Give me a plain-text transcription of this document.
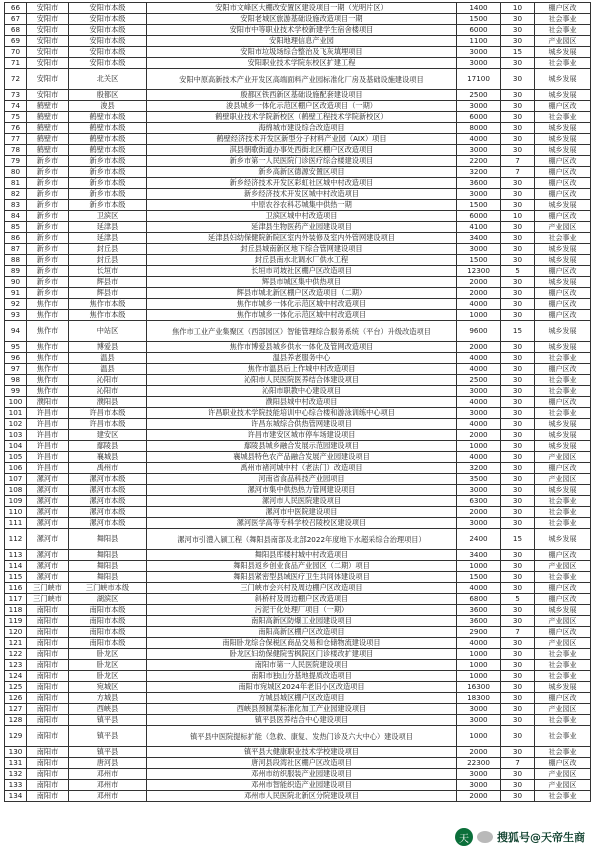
66	安阳市	安阳市本级	安阳市文峰区大棚改安置区建设项目一期（光明片区）	1400	10	棚户区改
67	安阳市	安阳市本级	安阳老城区旅游基础设施改造项目一期	1500	30	社会事业
68	安阳市	安阳市本级	安阳市中等职业技术学校新建学生宿舍楼项目	6000	30	社会事业
69	安阳市	安阳市本级	安阳地理信息产业园	1100	30	产业园区
70	安阳市	安阳市本级	安阳市垃圾场综合整治及飞灰填埋项目	3000	15	城乡发展
71	安阳市	安阳市本级	安阳职业技术学院东校区扩建工程	3000	30	社会事业
72	安阳市	北关区	安阳中原高新技术产业开发区高端面料产业园标准化厂房及基础设施建设项目	17100	30	城乡发展
73	安阳市	殷都区	殷都区铁西新区基础设施配套建设项目	2500	30	城乡发展
74	鹤壁市	浚县	浚县城乡一体化示范区棚户区改造项目（一期）	3000	30	棚户区改
75	鹤壁市	鹤壁市本级	鹤壁职业技术学院新校区（鹤壁工程技术学院新校区）	6000	30	社会事业
76	鹤壁市	鹤壁市本级	海绵城市建设综合改造项目	8000	30	城乡发展
77	鹤壁市	鹤壁市本级	鹤壁经济技术开发区新型分子材料产业园（AIX）项目	4000	30	城乡发展
78	鹤壁市	鹤壁市本级	淇县朝歌街道办事处西街北区棚户区改造项目	3000	30	城乡发展
79	新乡市	新乡市本级	新乡市第一人民医院门诊医疗综合楼建设项目	2200	7	棚户区改
80	新乡市	新乡市本级	新乡高新区德源安置区项目	3200	7	棚户区改
81	新乡市	新乡市本级	新乡经济技术开发区彩虹社区城中村改造项目	3600	30	棚户区改
82	新乡市	新乡市本级	新乡经济技术开发区城中村改造项目	3000	30	棚户区改
83	新乡市	新乡市本级	中原农谷农科芯城集中供热一期	1500	30	城乡发展
84	新乡市	卫滨区	卫滨区城中村改造项目	6000	10	棚户区改
85	新乡市	延津县	延津县生物医药产业园建设项目	4100	30	产业园区
86	新乡市	延津县	延津县妇幼保健院新院区室内外装修及室内外管网建设项目	3400	30	社会事业
87	新乡市	封丘县	封丘县城南新区地下综合管网建设项目	3000	30	城乡发展
88	新乡市	封丘县	封丘县南水北调水厂供水工程	1500	30	城乡发展
89	新乡市	长垣市	长垣市司坡社区棚户区改造项目	12300	5	棚户区改
90	新乡市	辉县市	辉县市城区集中供热项目	2000	30	城乡发展
91	新乡市	辉县市	辉县市城北新区棚户区改造项目（二期）	2000	30	棚户区改
92	焦作市	焦作市本级	焦作市城乡一体化示范区城中村改造项目	4000	30	棚户区改
93	焦作市	焦作市本级	焦作市城乡一体化示范区城中村改造项目	1000	30	棚户区改
94	焦作市	中站区	焦作市工业产业集聚区（西部园区）智能管理综合服务系统（平台）升级改造项目	9600	15	城乡发展
95	焦作市	博爱县	焦作市博爱县城乡供水一体化及管网改造项目	2000	30	城乡发展
96	焦作市	温县	温县养老服务中心	4000	30	社会事业
97	焦作市	温县	焦作市温县后上作城中村改造项目	4000	30	棚户区改
98	焦作市	沁阳市	沁阳市人民医院医养结合体建设项目	2500	30	社会事业
99	焦作市	沁阳市	沁阳市职教中心建设项目	3000	30	社会事业
100	濮阳市	濮阳县	濮阳县城中村改造项目	4000	30	棚户区改
101	许昌市	许昌市本级	许昌职业技术学院技能培训中心综合楼和游泳训练中心项目	3000	30	社会事业
102	许昌市	许昌市本级	许昌东城综合供热管网建设项目	4000	30	城乡发展
103	许昌市	建安区	许昌市建安区城市停车场建设项目	2000	30	城乡发展
104	许昌市	鄢陵县	鄢陵县城乡融合发展示范园建设项目	1000	30	城乡发展
105	许昌市	襄城县	襄城县特色农产品融合发展产业园建设项目	4000	30	产业园区
106	许昌市	禹州市	禹州市褚河城中村（老法门）改造项目	3200	30	棚户区改
107	漯河市	漯河市本级	河南省食品科技产业园项目	3500	30	产业园区
108	漯河市	漯河市本级	漯河市集中供热热力管网建设项目	3000	30	城乡发展
109	漯河市	漯河市本级	漯河市人民医院建设项目	6300	30	社会事业
110	漯河市	漯河市本级	漯河市中医院建设项目	2000	30	社会事业
111	漯河市	漯河市本级	漯河医学高等专科学校召陵校区建设项目	3000	30	社会事业
112	漯河市	舞阳县	漯河市引澧入颍工程（舞阳县南部及北部2022年度地下水超采综合治理项目）	2400	15	城乡发展
113	漯河市	舞阳县	舞阳县库楼村城中村改造项目	3400	30	棚户区改
114	漯河市	舞阳县	舞阳县返乡创业食品产业园区（二期）项目	1000	30	产业园区
115	漯河市	舞阳县	舞阳县紧密型县域医疗卫生共同体建设项目	1500	30	社会事业
116	三门峡市	三门峡市本级	三门峡市会兴村及周边棚户区改造项目	4000	30	棚户区改
117	三门峡市	湖滨区	斜桥村及周边棚户区改造项目	6800	5	棚户区改
118	南阳市	南阳市本级	污泥干化处理厂项目（一期）	3600	30	城乡发展
119	南阳市	南阳市本级	南阳高新区防爆工业园建设项目	3600	30	产业园区
120	南阳市	南阳市本级	南阳高新区棚户区改造项目	2900	7	棚户区改
121	南阳市	南阳市本级	南阳卧龙综合保税区商品交易和仓储物流建设项目	4000	30	产业园区
122	南阳市	卧龙区	卧龙区妇幼保健院雪枫院区门诊楼改扩建项目	1000	30	社会事业
123	南阳市	卧龙区	南阳市第一人民医院建设项目	1000	30	社会事业
124	南阳市	卧龙区	南阳市独山分基地提质改造项目	1000	30	社会事业
125	南阳市	宛城区	南阳市宛城区2024年老旧小区改造项目	16300	30	城乡发展
126	南阳市	方城县	方城县城区棚户区改造项目	18300	30	棚户区改
127	南阳市	西峡县	西峡县预制菜标准化加工产业园建设项目	3000	30	产业园区
128	南阳市	镇平县	镇平县医养结合中心建设项目	3000	30	社会事业
129	南阳市	镇平县	镇平县中医院提标扩能（急救、康复、发热门诊及六大中心）建设项目	1000	30	社会事业
130	南阳市	镇平县	镇平县大健康职业技术学校建设项目	2000	30	社会事业
131	南阳市	唐河县	唐河县段湾社区棚户区改造项目	22300	7	棚户区改
132	南阳市	邓州市	邓州市纺织服装产业园建设项目	3000	30	产业园区
133	南阳市	邓州市	邓州市智能织造产业园建设项目	3000	30	产业园区
134	南阳市	邓州市	邓州市人民医院北新区分院建设项目	2000	30	社会事业
天	搜狐号@天帝生商
